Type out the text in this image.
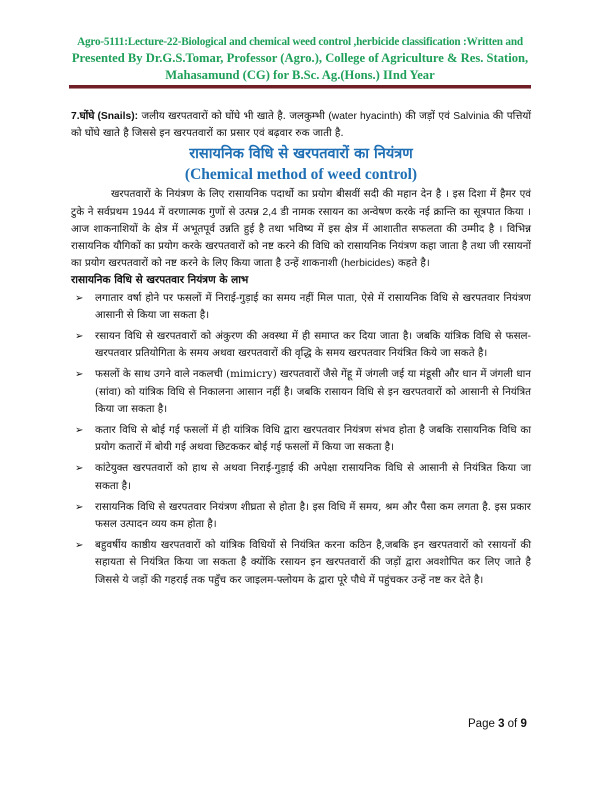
Agro-5111:Lecture-22-Biological and chemical weed control ,herbicide classification :Written and
Presented By Dr.G.S.Tomar, Professor (Agro.), College of Agriculture & Res. Station,
Mahasamund (CG) for B.Sc. Ag.(Hons.) IInd Year

7.घोंघे (Snails): जलीय खरपतवारों को घोंघे भी खाते है. जलकुम्भी (water hyacinth) की जड़ों एवं Salvinia की पत्तियों को घोंघे खाते है जिससे इन खरपतवारों का प्रसार एवं बढ़वार रुक जाती है.

रासायनिक विधि से खरपतवारों का नियंत्रण
(Chemical method of weed control)

खरपतवारों के नियंत्रण के लिए रासायनिक पदार्थो का प्रयोग बीसवीं सदी की महान देन है । इस दिशा में हैमर एवं टुके ने सर्वप्रथम 1944 में वरणात्मक गुणों से उत्पन्न 2,4 डी नामक रसायन का अन्वेषण करके नई क्रान्ति का सूत्रपात किया । आज शाकनाशियों के क्षेत्र में अभूतपूर्व उन्नति हुई है तथा भविष्य में इस क्षेत्र में आशातीत सफलता की उम्मीद है । विभिन्न रासायनिक यौगिकों का प्रयोग करके खरपतवारों को नष्ट करने की विधि को रासायनिक नियंत्रण कहा जाता है तथा जी रसायनों का प्रयोग खरपतवारों को नष्ट करने के लिए किया जाता है उन्हें शाकनाशी (herbicides) कहते है।

रासायनिक विधि से खरपतवार नियंत्रण के लाभ
➢ लगातार वर्षा होने पर फसलों में निराई-गुड़ाई का समय नहीं मिल पाता, ऐसे में रासायनिक विधि से खरपतवार नियंत्रण आसानी से किया जा सकता है।
➢ रसायन विधि से खरपतवारों को अंकुरण की अवस्था में ही समाप्त कर दिया जाता है। जबकि यांत्रिक विधि से फसल-खरपतवार प्रतियोगिता के समय अथवा खरपतवारों की वृद्धि के समय खरपतवार नियंत्रित किये जा सकते है।
➢ फसलों के साथ उगने वाले नकलची (mimicry) खरपतवारों जैसे गेंहू में जंगली जई या मंडूसी और धान में जंगली धान (सांवा) को यांत्रिक विधि से निकालना आसान नहीं है। जबकि रासायन विधि से इन खरपतवारों को आसानी से नियंत्रित किया जा सकता है।
➢ कतार विधि से बोई गई फसलों में ही यांत्रिक विधि द्वारा खरपतवार नियंत्रण संभव होता है जबकि रासायनिक विधि का प्रयोग कतारों में बोयी गई अथवा छिटककर बोई गई फसलों में किया जा सकता है।
➢ कांटेयुक्त खरपतवारों को हाथ से अथवा निराई-गुड़ाई की अपेक्षा रासायनिक विधि से आसानी से नियंत्रित किया जा सकता है।
➢ रासायनिक विधि से खरपतवार नियंत्रण शीघ्रता से होता है। इस विधि में समय, श्रम और पैसा कम लगता है. इस प्रकार फसल उत्पादन व्यय कम होता है।
➢ बहुवर्षीय काष्ठीय खरपतवारों को यांत्रिक विधियों से नियंत्रित करना कठिन है,जबकि इन खरपतवारों को रसायनों की सहायता से नियंत्रित किया जा सकता है क्योंकि रसायन इन खरपतवारों की जड़ों द्वारा अवशोपित कर लिए जाते है जिससे ये जड़ों की गहराई तक पहुँच कर जाइलम-फ्लोयम के द्वारा पूरे पौधे में पहुंचकर उन्हें नष्ट कर देते है।
Page 3 of 9
